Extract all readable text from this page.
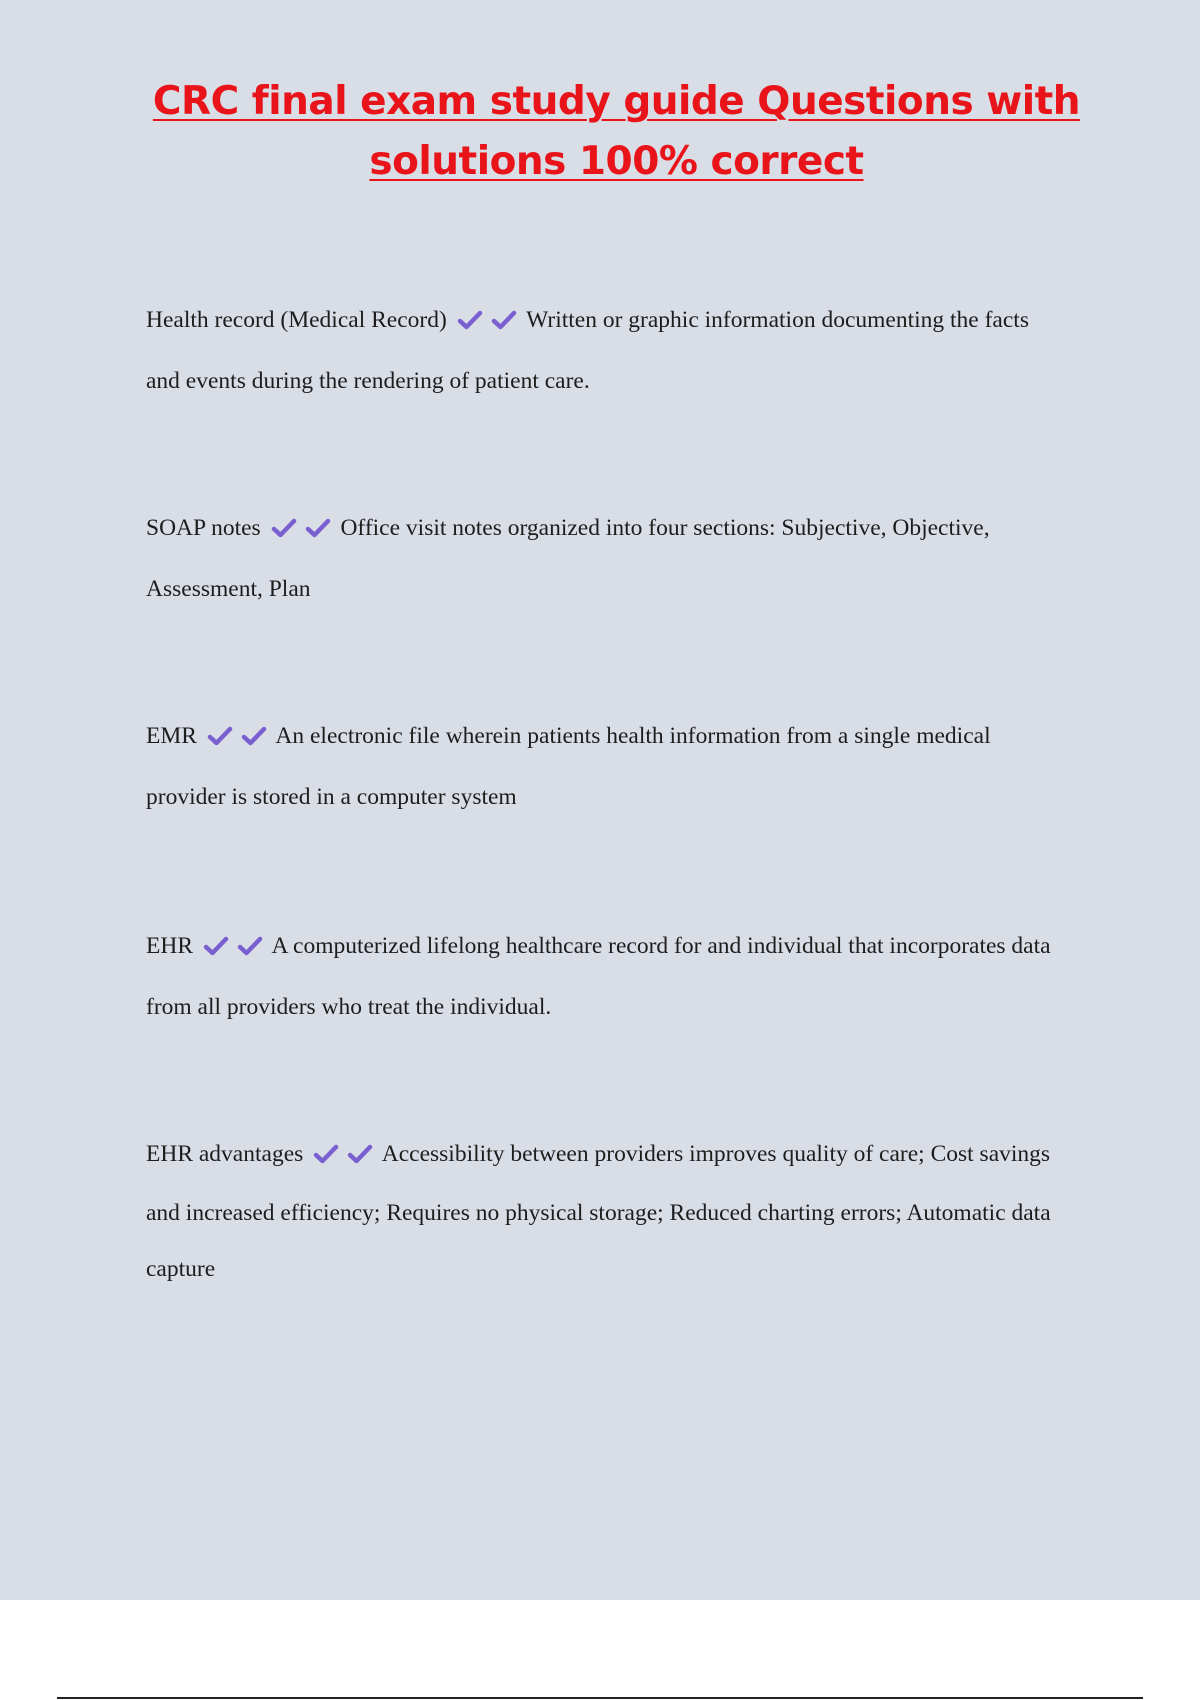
CRC final exam study guide Questions with
solutions 100% correct
Health record (Medical Record)	Written or graphic information documenting the facts
and events during the rendering of patient care.
SOAP notes	Office visit notes organized into four sections: Subjective, Objective,
Assessment, Plan
EMR	An electronic file wherein patients health information from a single medical
provider is stored in a computer system
EHR	A computerized lifelong healthcare record for and individual that incorporates data
from all providers who treat the individual.
EHR advantages	Accessibility between providers improves quality of care; Cost savings
and increased efficiency; Requires no physical storage; Reduced charting errors; Automatic data capture
